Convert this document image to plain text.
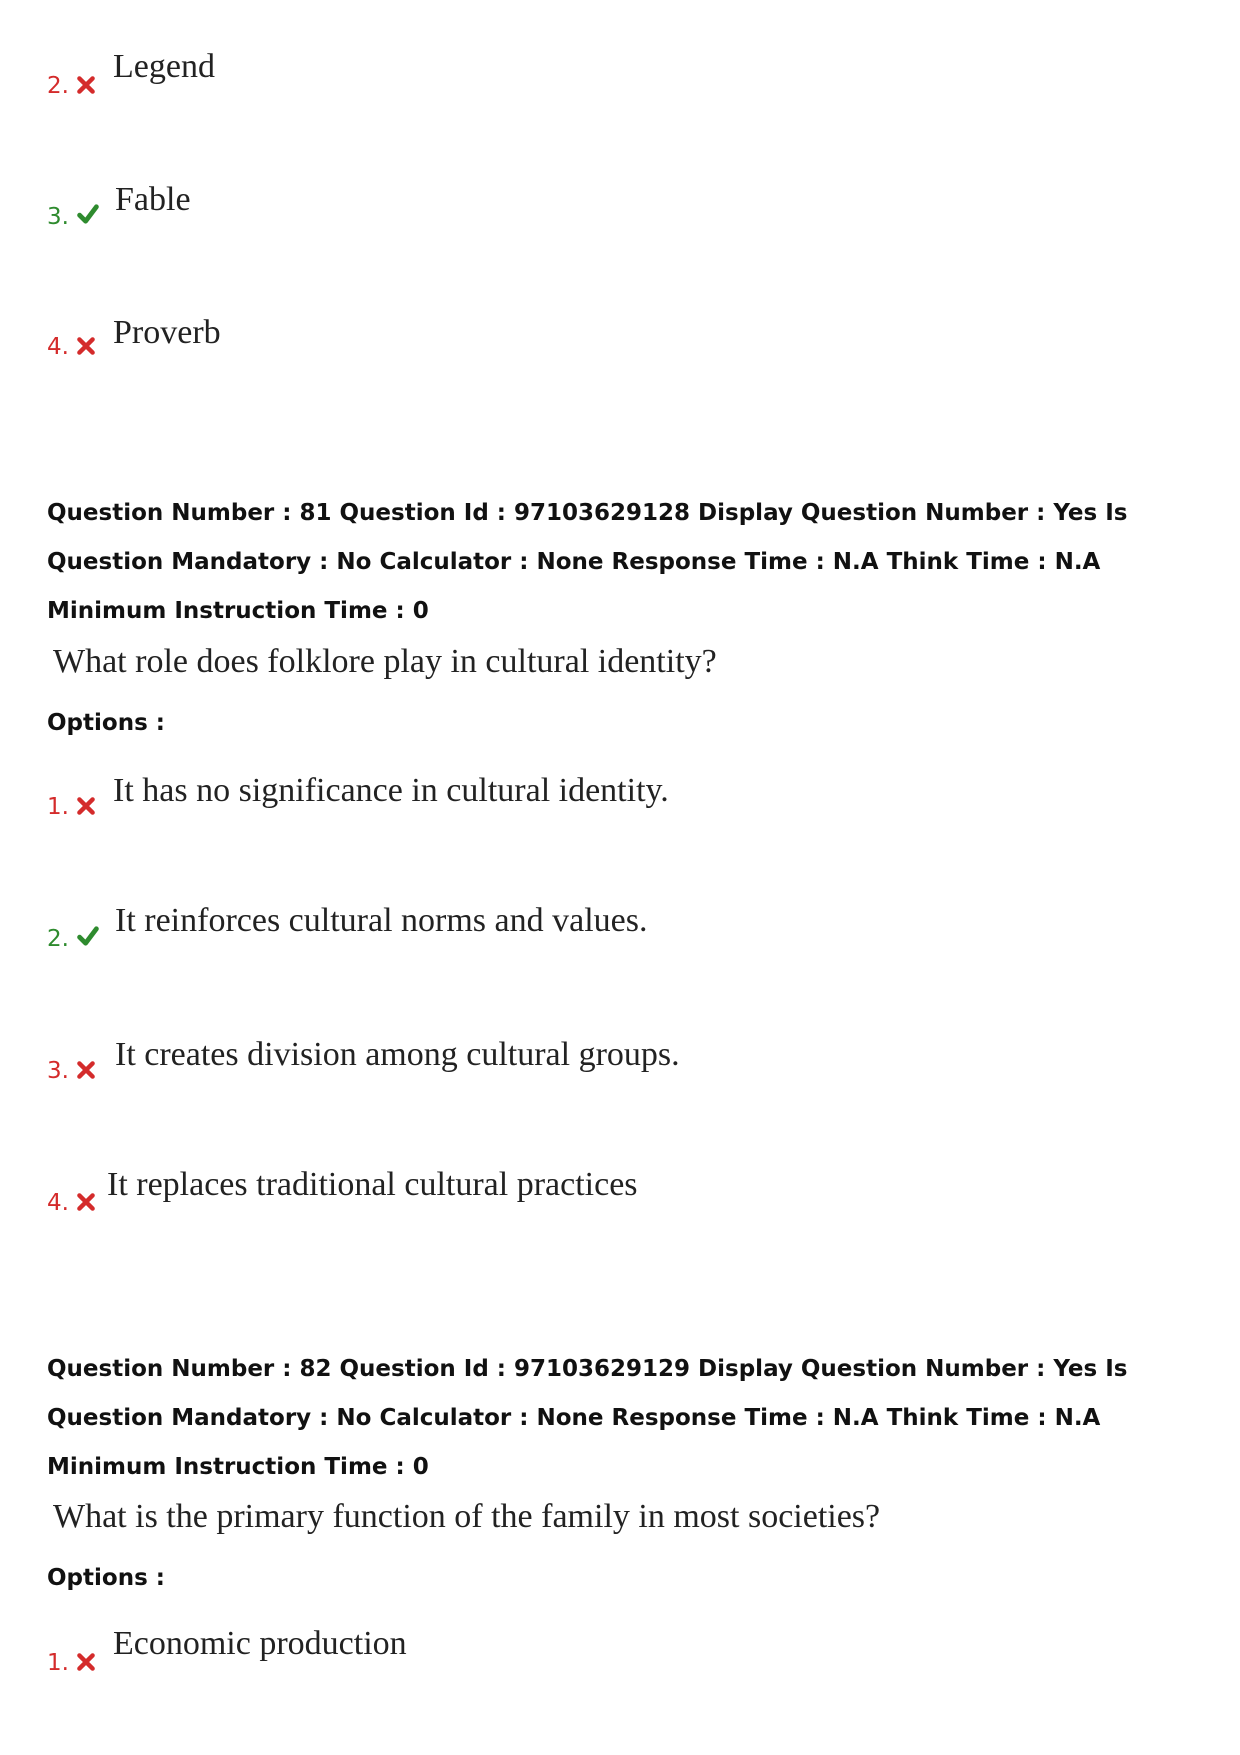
2.
Legend
3. Fable
4. Proverb
Question Number : 81 Question Id : 97103629128 Display Question Number : Yes Is Question Mandatory : No Calculator : None Response Time : N.A Think Time : N.A Minimum Instruction Time : 0
What role does folklore play in cultural identity?
Options :
1. It has no significance in cultural identity.
2. It reinforces cultural norms and values.
3. It creates division among cultural groups.
4. It replaces traditional cultural practices
Question Number : 82 Question Id : 97103629129 Display Question Number : Yes Is Question Mandatory : No Calculator : None Response Time : N.A Think Time : N.A Minimum Instruction Time : 0
What is the primary function of the family in most societies?
Options :
1.
Economic production
